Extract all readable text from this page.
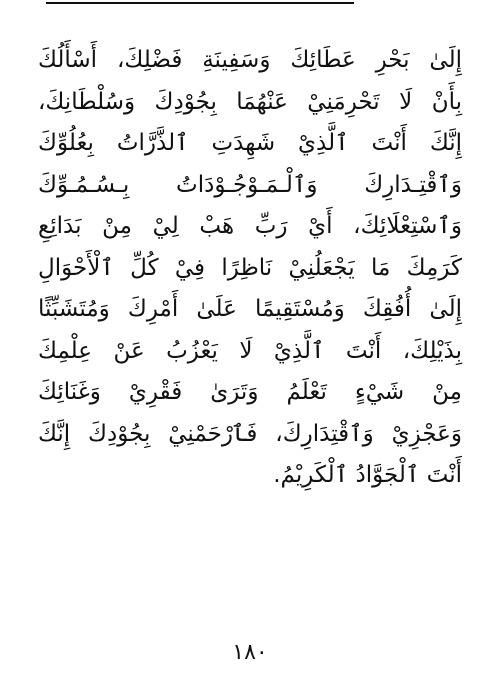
إِلَىٰ بَحْرِ عَطَائِكَ وَسَفِينَةِ فَضْلِكَ، أَسْأَلُكَ
بِأَنْ لَا تَحْرِمَنِيْ عَنْهُمَا بِجُوْدِكَ وَسُلْطَانِكَ،
إِنَّكَ أَنْتَ ٱلَّذِيْ شَهِدَتِ ٱلذَّرَّاتُ بِعُلُوِّكَ
وَٱقْتِـدَارِكَ وَٱلْـمَـوْجُـوْدَاتُ بِـسُـمُـوِّكَ
وَٱسْتِعْلَائِكَ، أَيْ رَبِّ هَبْ لِيْ مِنْ بَدَائِعِ
كَرَمِكَ مَا يَجْعَلُنِيْ نَاظِرًا فِيْ كُلِّ ٱلْأَحْوَالِ
إِلَىٰ أُفُقِكَ وَمُسْتَقِيمًا عَلَىٰ أَمْرِكَ وَمُتَشَبِّثًا
بِذَيْلِكَ، أَنْتَ ٱلَّذِيْ لَا يَعْزُبُ عَنْ عِلْمِكَ
مِنْ شَيْءٍ تَعْلَمُ وَتَرَىٰ فَقْرِيْ وَغَنَائِكَ
وَعَجْزِيْ وَٱقْتِدَارِكَ، فَٱرْحَمْنِيْ بِجُوْدِكَ إِنَّكَ
أَنْتَ ٱلْجَوَّادُ ٱلْكَرِيْمُ.
١٨٠
